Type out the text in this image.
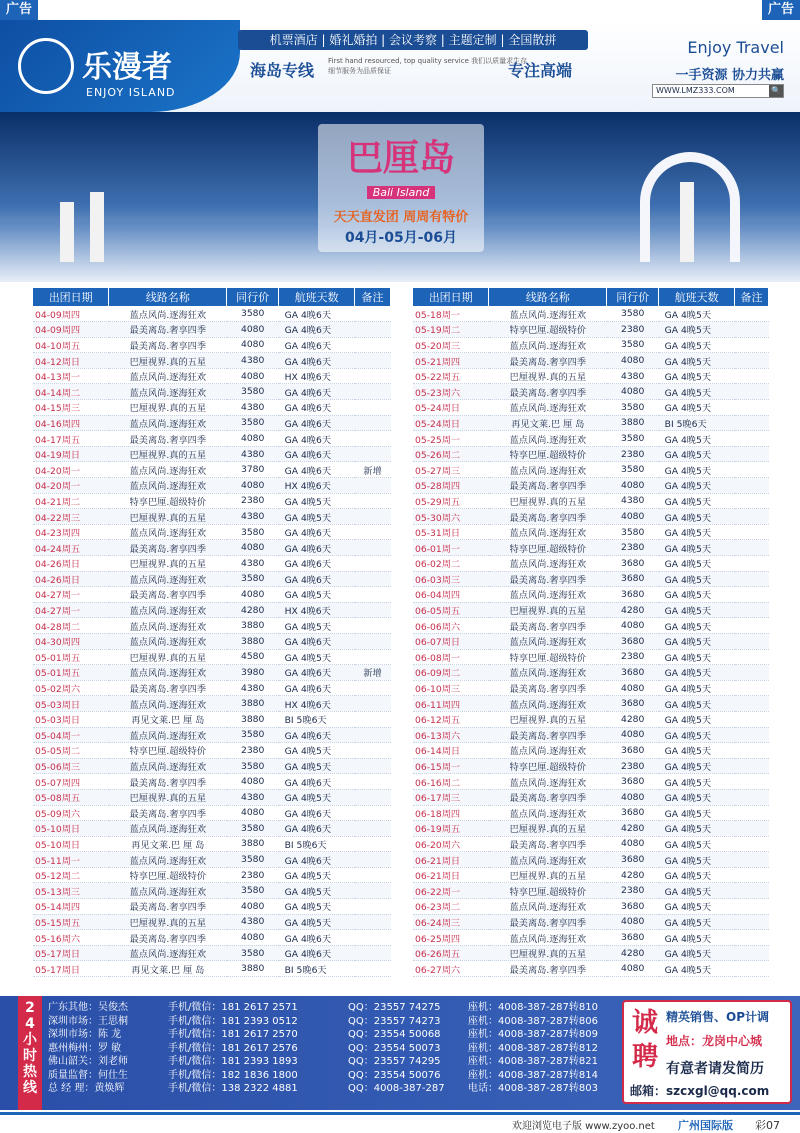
广告	广告
乐漫者
ENJOY ISLAND
机票酒店 | 婚礼婚拍 | 会议考察 | 主题定制 | 全国散拼
海岛专线 First hand resourced, top quality service 我们以质量求生存 细节服务为品质保证	专注高端
Enjoy Travel
一手资源 协力共赢
WWW.LMZ333.COM	🔍
巴厘岛
Bali Island
天天直发团 周周有特价
04月-05月-06月
出团日期	线路名称	同行价	航班天数	备注
04-09周四	蓝点风尚.逐海狂欢	3580	GA 4晚6天	
04-09周四	最美离岛.奢享四季	4080	GA 4晚6天	
04-10周五	最美离岛.奢享四季	4080	GA 4晚6天	
04-12周日	巴厘视界.真的五星	4380	GA 4晚6天	
04-13周一	蓝点风尚.逐海狂欢	4080	HX 4晚6天	
04-14周二	蓝点风尚.逐海狂欢	3580	GA 4晚6天	
04-15周三	巴厘视界.真的五星	4380	GA 4晚6天	
04-16周四	蓝点风尚.逐海狂欢	3580	GA 4晚6天	
04-17周五	最美离岛.奢享四季	4080	GA 4晚6天	
04-19周日	巴厘视界.真的五星	4380	GA 4晚6天	
04-20周一	蓝点风尚.逐海狂欢	3780	GA 4晚6天	新增
04-20周一	蓝点风尚.逐海狂欢	4080	HX 4晚6天	
04-21周二	特享巴厘.超级特价	2380	GA 4晚5天	
04-22周三	巴厘视界.真的五星	4380	GA 4晚5天	
04-23周四	蓝点风尚.逐海狂欢	3580	GA 4晚6天	
04-24周五	最美离岛.奢享四季	4080	GA 4晚6天	
04-26周日	巴厘视界.真的五星	4380	GA 4晚6天	
04-26周日	蓝点风尚.逐海狂欢	3580	GA 4晚6天	
04-27周一	最美离岛.奢享四季	4080	GA 4晚5天	
04-27周一	蓝点风尚.逐海狂欢	4280	HX 4晚6天	
04-28周二	蓝点风尚.逐海狂欢	3880	GA 4晚5天	
04-30周四	蓝点风尚.逐海狂欢	3880	GA 4晚6天	
05-01周五	巴厘视界.真的五星	4580	GA 4晚5天	
05-01周五	蓝点风尚.逐海狂欢	3980	GA 4晚6天	新增
05-02周六	最美离岛.奢享四季	4380	GA 4晚6天	
05-03周日	蓝点风尚.逐海狂欢	3880	HX 4晚6天	
05-03周日	再见文莱.巴 厘 岛	3880	BI 5晚6天	
05-04周一	蓝点风尚.逐海狂欢	3580	GA 4晚6天	
05-05周二	特享巴厘.超级特价	2380	GA 4晚5天	
05-06周三	蓝点风尚.逐海狂欢	3580	GA 4晚5天	
05-07周四	最美离岛.奢享四季	4080	GA 4晚6天	
05-08周五	巴厘视界.真的五星	4380	GA 4晚5天	
05-09周六	最美离岛.奢享四季	4080	GA 4晚6天	
05-10周日	蓝点风尚.逐海狂欢	3580	GA 4晚6天	
05-10周日	再见文莱.巴 厘 岛	3880	BI 5晚6天	
05-11周一	蓝点风尚.逐海狂欢	3580	GA 4晚6天	
05-12周二	特享巴厘.超级特价	2380	GA 4晚5天	
05-13周三	蓝点风尚.逐海狂欢	3580	GA 4晚5天	
05-14周四	最美离岛.奢享四季	4080	GA 4晚5天	
05-15周五	巴厘视界.真的五星	4380	GA 4晚5天	
05-16周六	最美离岛.奢享四季	4080	GA 4晚6天	
05-17周日	蓝点风尚.逐海狂欢	3580	GA 4晚6天	
05-17周日	再见文莱.巴 厘 岛	3880	BI 5晚6天	
出团日期	线路名称	同行价	航班天数	备注
05-18周一	蓝点风尚.逐海狂欢	3580	GA 4晚5天	
05-19周二	特享巴厘.超级特价	2380	GA 4晚5天	
05-20周三	蓝点风尚.逐海狂欢	3580	GA 4晚5天	
05-21周四	最美离岛.奢享四季	4080	GA 4晚5天	
05-22周五	巴厘视界.真的五星	4380	GA 4晚5天	
05-23周六	最美离岛.奢享四季	4080	GA 4晚5天	
05-24周日	蓝点风尚.逐海狂欢	3580	GA 4晚5天	
05-24周日	再见文莱.巴 厘 岛	3880	BI 5晚6天	
05-25周一	蓝点风尚.逐海狂欢	3580	GA 4晚5天	
05-26周二	特享巴厘.超级特价	2380	GA 4晚5天	
05-27周三	蓝点风尚.逐海狂欢	3580	GA 4晚5天	
05-28周四	最美离岛.奢享四季	4080	GA 4晚5天	
05-29周五	巴厘视界.真的五星	4380	GA 4晚5天	
05-30周六	最美离岛.奢享四季	4080	GA 4晚5天	
05-31周日	蓝点风尚.逐海狂欢	3580	GA 4晚5天	
06-01周一	特享巴厘.超级特价	2380	GA 4晚5天	
06-02周二	蓝点风尚.逐海狂欢	3680	GA 4晚5天	
06-03周三	最美离岛.奢享四季	3680	GA 4晚5天	
06-04周四	蓝点风尚.逐海狂欢	3680	GA 4晚5天	
06-05周五	巴厘视界.真的五星	4280	GA 4晚5天	
06-06周六	最美离岛.奢享四季	4080	GA 4晚5天	
06-07周日	蓝点风尚.逐海狂欢	3680	GA 4晚5天	
06-08周一	特享巴厘.超级特价	2380	GA 4晚5天	
06-09周二	蓝点风尚.逐海狂欢	3680	GA 4晚5天	
06-10周三	最美离岛.奢享四季	4080	GA 4晚5天	
06-11周四	蓝点风尚.逐海狂欢	3680	GA 4晚5天	
06-12周五	巴厘视界.真的五星	4280	GA 4晚5天	
06-13周六	最美离岛.奢享四季	4080	GA 4晚5天	
06-14周日	蓝点风尚.逐海狂欢	3680	GA 4晚5天	
06-15周一	特享巴厘.超级特价	2380	GA 4晚5天	
06-16周二	蓝点风尚.逐海狂欢	3680	GA 4晚5天	
06-17周三	最美离岛.奢享四季	4080	GA 4晚5天	
06-18周四	蓝点风尚.逐海狂欢	3680	GA 4晚5天	
06-19周五	巴厘视界.真的五星	4280	GA 4晚5天	
06-20周六	最美离岛.奢享四季	4080	GA 4晚5天	
06-21周日	蓝点风尚.逐海狂欢	3680	GA 4晚5天	
06-21周日	巴厘视界.真的五星	4280	GA 4晚5天	
06-22周一	特享巴厘.超级特价	2380	GA 4晚5天	
06-23周二	蓝点风尚.逐海狂欢	3680	GA 4晚5天	
06-24周三	最美离岛.奢享四季	4080	GA 4晚5天	
06-25周四	蓝点风尚.逐海狂欢	3680	GA 4晚5天	
06-26周五	巴厘视界.真的五星	4280	GA 4晚5天	
06-27周六	最美离岛.奢享四季	4080	GA 4晚5天	
2
4
小
时
热
线
广东其他：吴俊杰	手机/微信：181 2617 2571	QQ：23557 74275	座机：4008-387-287转810
深圳市场：王思桐	手机/微信：181 2393 0512	QQ：23557 74273	座机：4008-387-287转806
深圳市场：陈 龙	手机/微信：181 2617 2570	QQ：23554 50068	座机：4008-387-287转809
惠州梅州：罗 敏	手机/微信：181 2617 2576	QQ：23554 50073	座机：4008-387-287转812
佛山韶关：刘老师	手机/微信：181 2393 1893	QQ：23557 74295	座机：4008-387-287转821
质量监督：何仕生	手机/微信：182 1836 1800	QQ：23554 50076	座机：4008-387-287转814
总 经 理：黄焕辉	手机/微信：138 2322 4881	QQ：4008-387-287 电话：4008-387-287转803
诚
聘
精英销售、OP计调
地点：龙岗中心城
有意者请发简历
邮箱：szcxgl@qq.com
欢迎浏览电子版 www.zyoo.net 广州国际版 彩07
